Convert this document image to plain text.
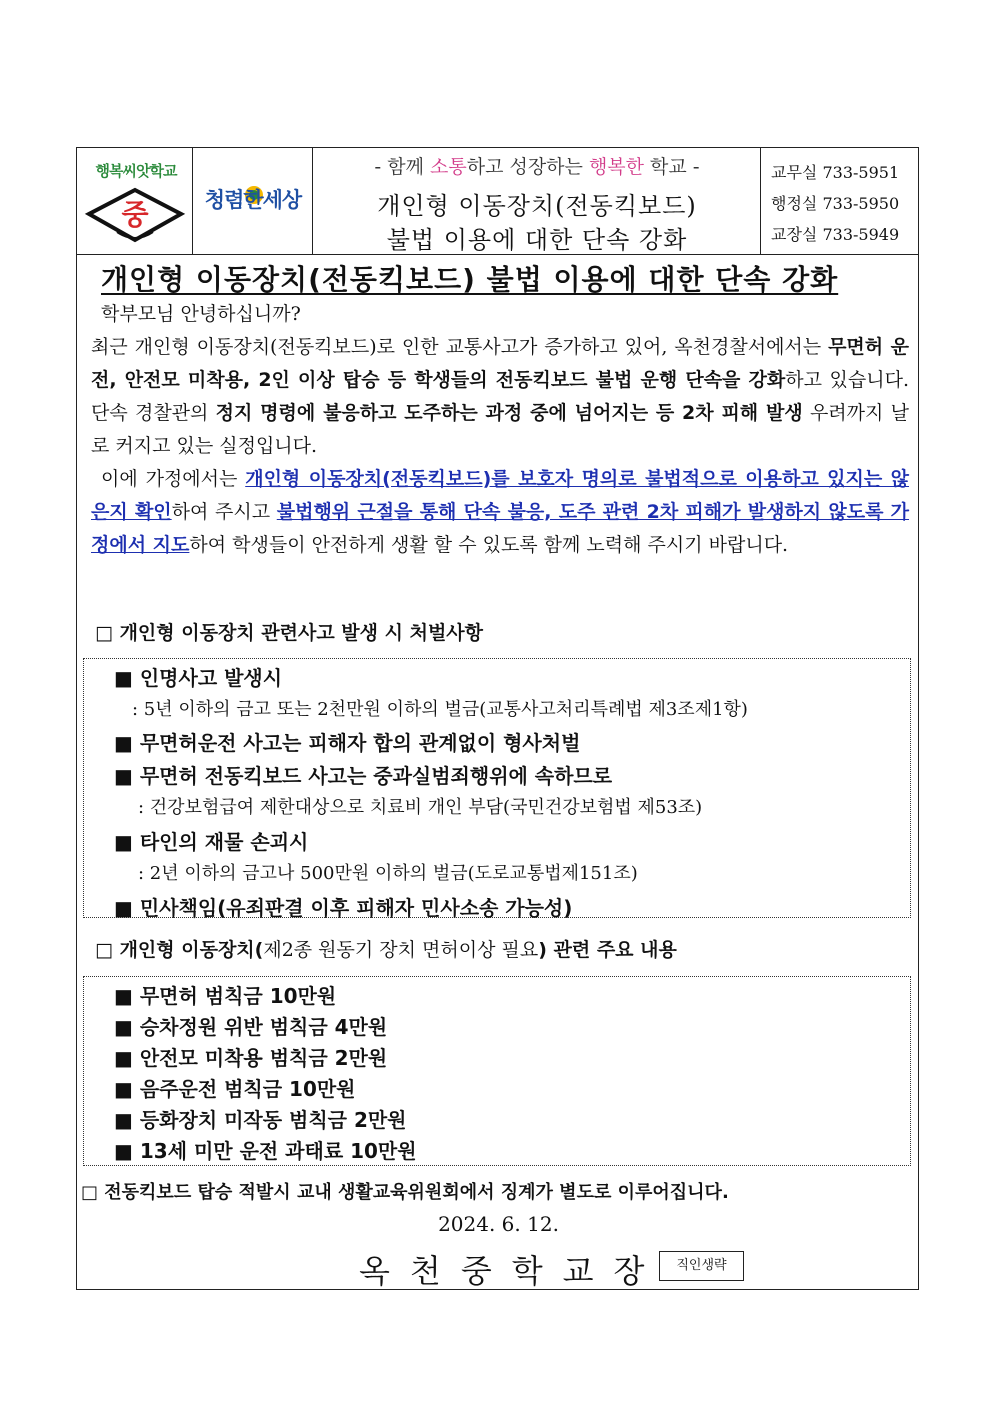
행복씨앗학교
중	청렴한세상
- 함께 소통하고 성장하는 행복한 학교 -
개인형 이동장치(전동킥보드)
불법 이용에 대한 단속 강화
교무실 733-5951
행정실 733-5950
교장실 733-5949
개인형 이동장치(전동킥보드) 불법 이용에 대한 단속 강화
학부모님 안녕하십니까?
최근 개인형 이동장치(전동킥보드)로 인한 교통사고가 증가하고 있어, 옥천경찰서에서는 무면허 운전, 안전모 미착용, 2인 이상 탑승 등 학생들의 전동킥보드 불법 운행 단속을 강화하고 있습니다. 단속 경찰관의 정지 명령에 불응하고 도주하는 과정 중에 넘어지는 등 2차 피해 발생 우려까지 날로 커지고 있는 실정입니다.
이에 가정에서는 개인형 이동장치(전동킥보드)를 보호자 명의로 불법적으로 이용하고 있지는 않은지 확인하여 주시고 불법행위 근절을 통해 단속 불응, 도주 관련 2차 피해가 발생하지 않도록 가정에서 지도하여 학생들이 안전하게 생활 할 수 있도록 함께 노력해 주시기 바랍니다.
□ 개인형 이동장치 관련사고 발생 시 처벌사항
■ 인명사고 발생시
: 5년 이하의 금고 또는 2천만원 이하의 벌금(교통사고처리특례법 제3조제1항)
■ 무면허운전 사고는 피해자 합의 관계없이 형사처벌
■ 무면허 전동킥보드 사고는 중과실범죄행위에 속하므로
: 건강보험급여 제한대상으로 치료비 개인 부담(국민건강보험법 제53조)
■ 타인의 재물 손괴시
: 2년 이하의 금고나 500만원 이하의 벌금(도로교통법제151조)
■ 민사책임(유죄판결 이후 피해자 민사소송 가능성)
□ 개인형 이동장치(제2종 원동기 장치 면허이상 필요) 관련 주요 내용
■ 무면허 범칙금 10만원
■ 승차정원 위반 범칙금 4만원
■ 안전모 미착용 범칙금 2만원
■ 음주운전 범칙금 10만원
■ 등화장치 미작동 범칙금 2만원
■ 13세 미만 운전 과태료 10만원
□ 전동킥보드 탑승 적발시 교내 생활교육위원회에서 징계가 별도로 이루어집니다.
2024. 6. 12.
옥천중학교장 직인생략
